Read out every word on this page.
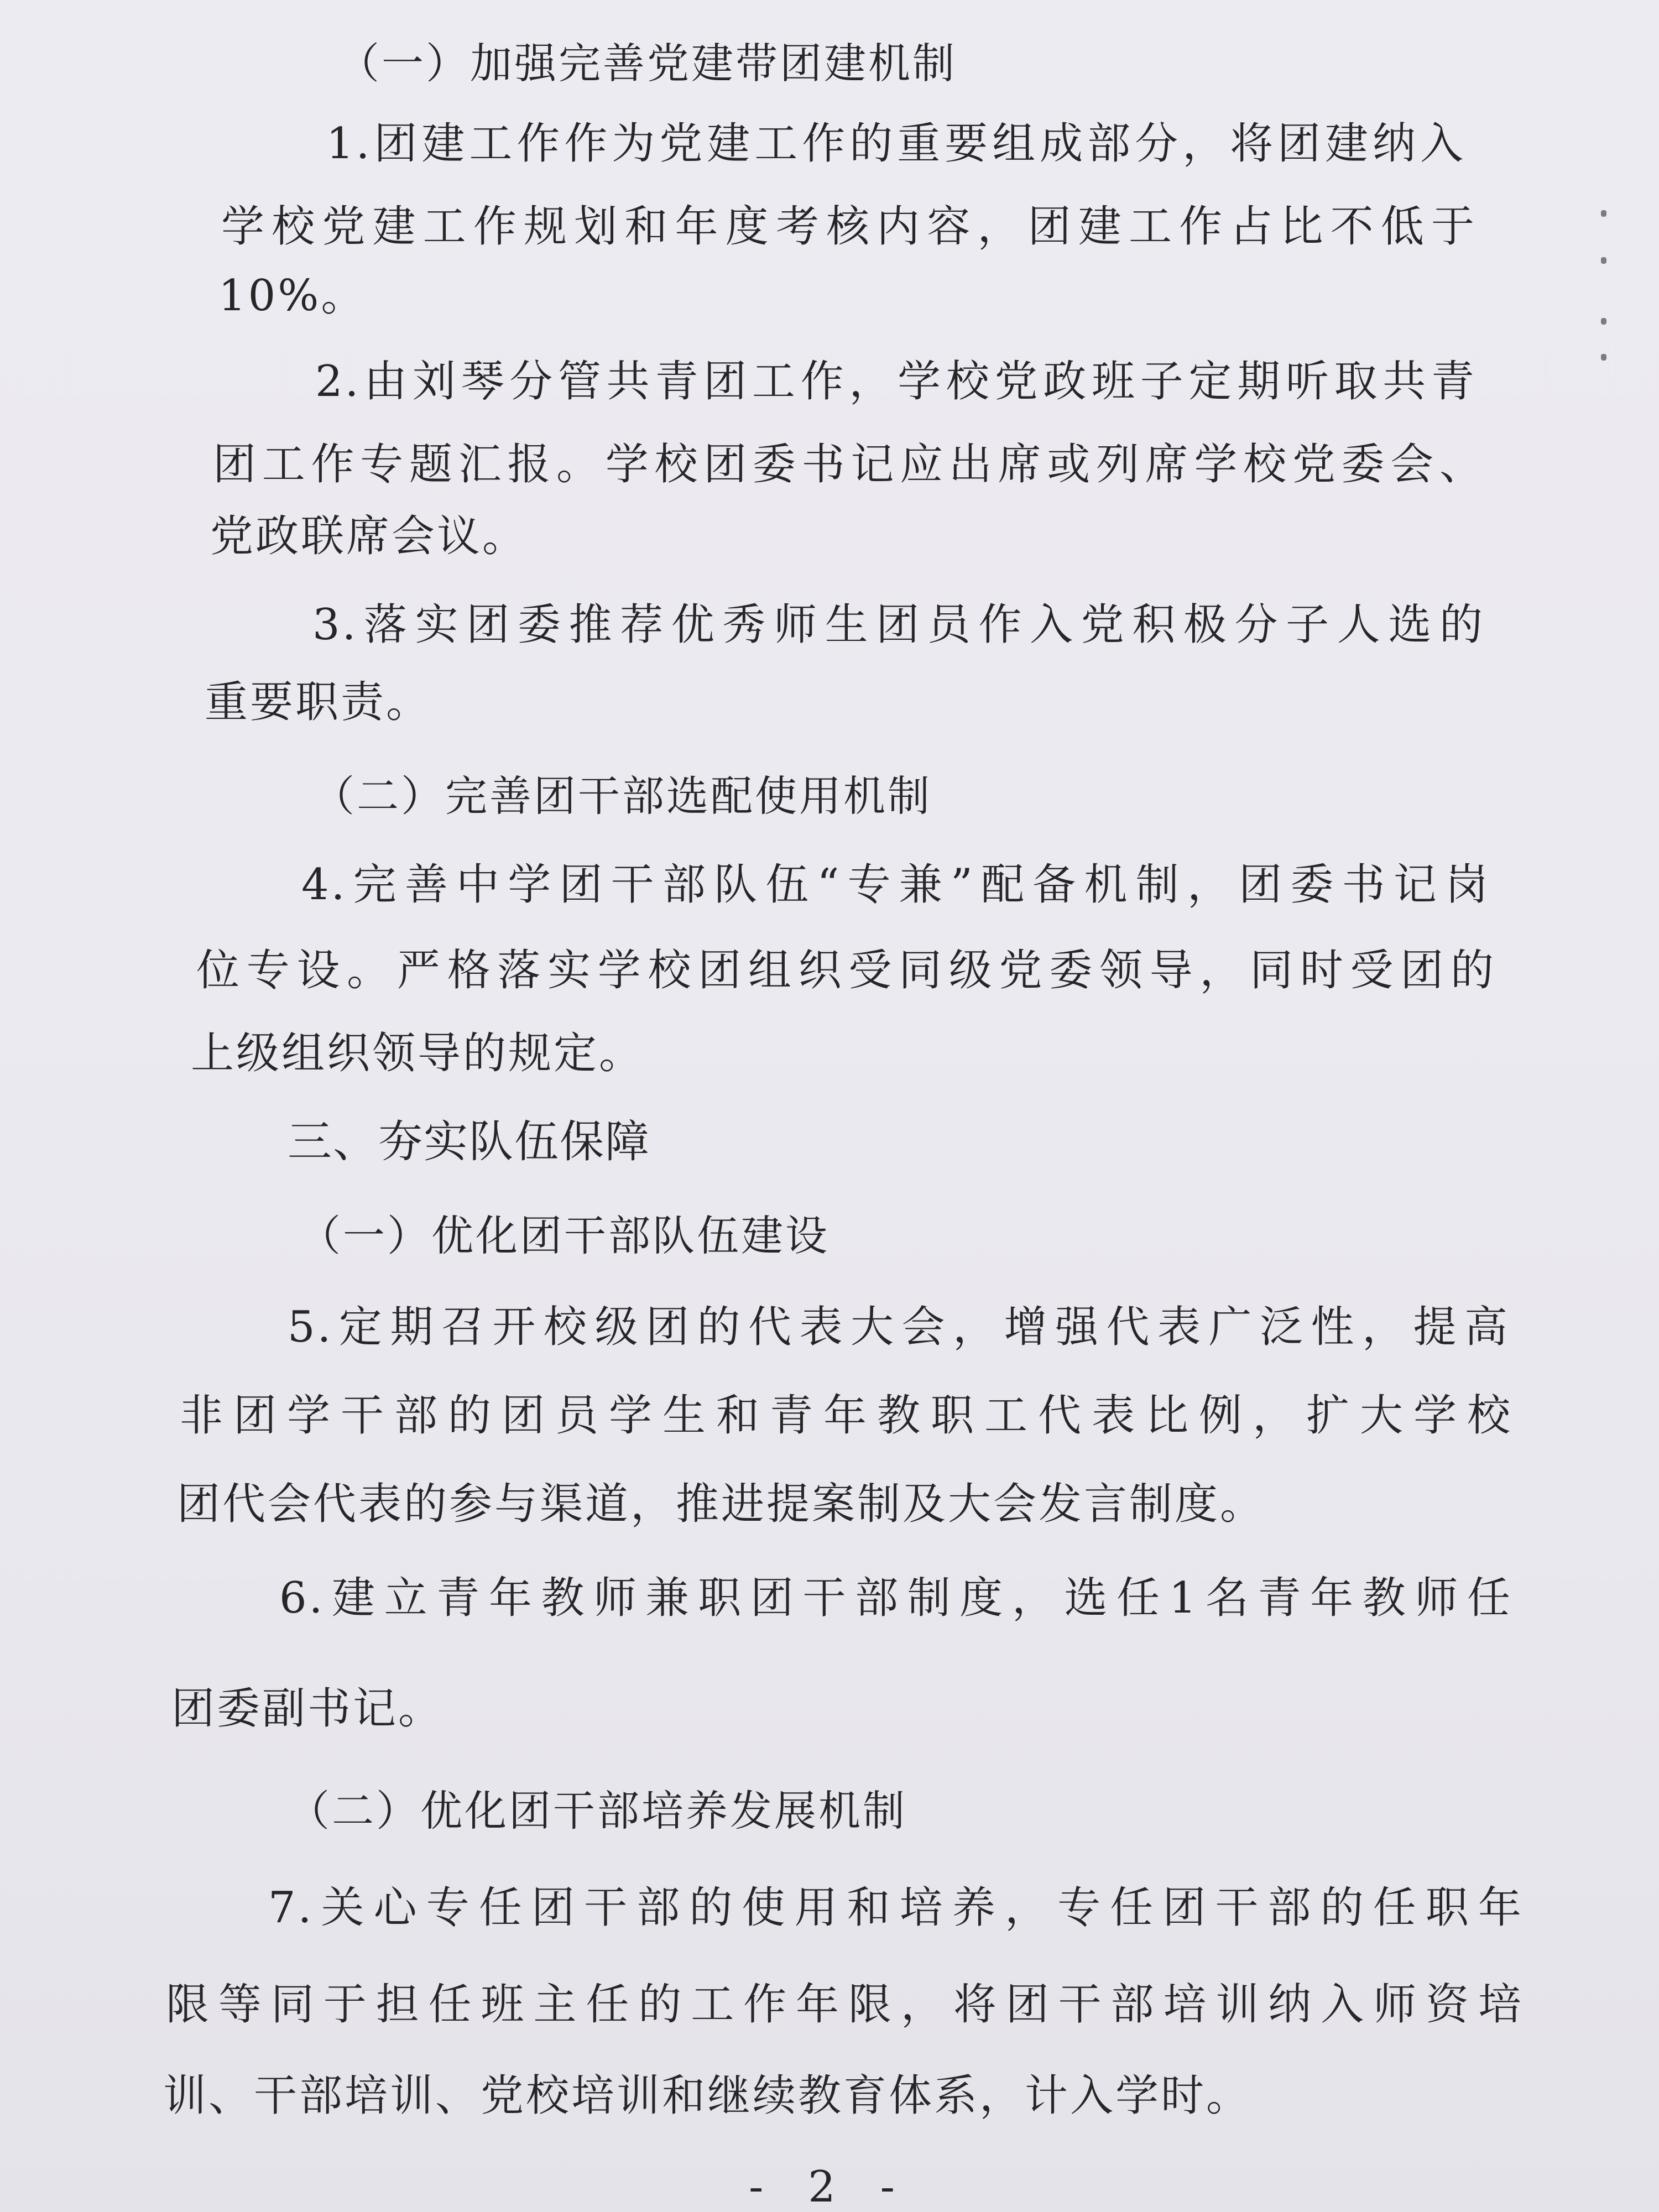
（一）加强完善党建带团建机制
1.团建工作作为党建工作的重要组成部分，将团建纳入
学校党建工作规划和年度考核内容，团建工作占比不低于
10%。
2.由刘琴分管共青团工作，学校党政班子定期听取共青
团工作专题汇报。学校团委书记应出席或列席学校党委会、
党政联席会议。
3.落实团委推荐优秀师生团员作入党积极分子人选的
重要职责。
（二）完善团干部选配使用机制
4.完善中学团干部队伍“专兼”配备机制，团委书记岗
位专设。严格落实学校团组织受同级党委领导，同时受团的
上级组织领导的规定。
三、夯实队伍保障
（一）优化团干部队伍建设
5.定期召开校级团的代表大会，增强代表广泛性，提高
非团学干部的团员学生和青年教职工代表比例，扩大学校
团代会代表的参与渠道，推进提案制及大会发言制度。
6.建立青年教师兼职团干部制度，选任1名青年教师任
团委副书记。
（二）优化团干部培养发展机制
7.关心专任团干部的使用和培养，专任团干部的任职年
限等同于担任班主任的工作年限，将团干部培训纳入师资培
训、干部培训、党校培训和继续教育体系，计入学时。
- 2 -
